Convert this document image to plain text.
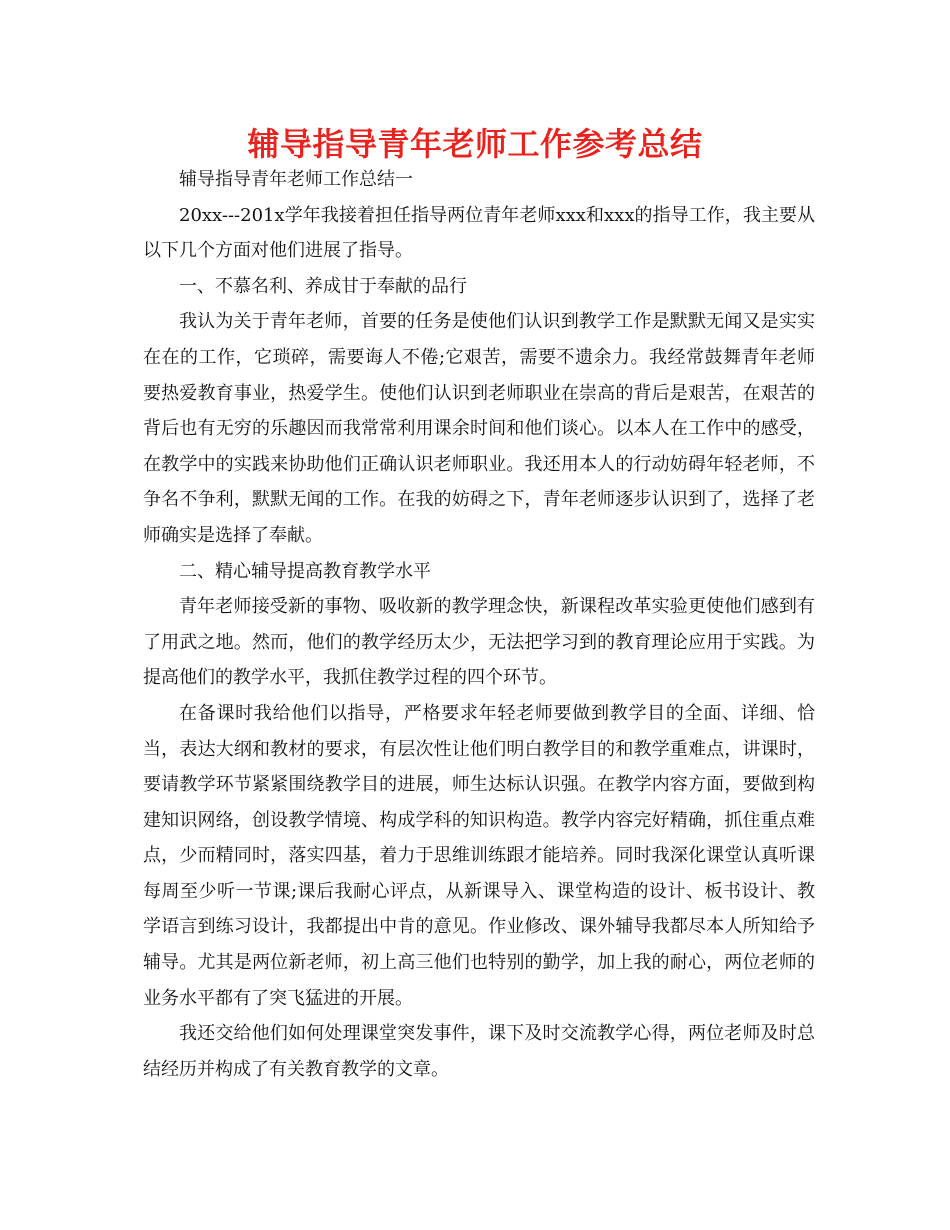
辅导指导青年老师工作参考总结

辅导指导青年老师工作总结一

20xx---201x学年我接着担任指导两位青年老师xxx和xxx的指导工作，我主要从以下几个方面对他们进展了指导。

一、不慕名利、养成甘于奉献的品行

我认为关于青年老师，首要的任务是使他们认识到教学工作是默默无闻又是实实在在的工作，它琐碎，需要诲人不倦;它艰苦，需要不遗余力。我经常鼓舞青年老师要热爱教育事业，热爱学生。使他们认识到老师职业在崇高的背后是艰苦，在艰苦的背后也有无穷的乐趣因而我常常利用课余时间和他们谈心。以本人在工作中的感受，在教学中的实践来协助他们正确认识老师职业。我还用本人的行动妨碍年轻老师，不争名不争利，默默无闻的工作。在我的妨碍之下，青年老师逐步认识到了，选择了老师确实是选择了奉献。

二、精心辅导提高教育教学水平

青年老师接受新的事物、吸收新的教学理念快，新课程改革实验更使他们感到有了用武之地。然而，他们的教学经历太少，无法把学习到的教育理论应用于实践。为提高他们的教学水平，我抓住教学过程的四个环节。

在备课时我给他们以指导，严格要求年轻老师要做到教学目的全面、详细、恰当，表达大纲和教材的要求，有层次性让他们明白教学目的和教学重难点，讲课时，要请教学环节紧紧围绕教学目的进展，师生达标认识强。在教学内容方面，要做到构建知识网络，创设教学情境、构成学科的知识构造。教学内容完好精确，抓住重点难点，少而精同时，落实四基，着力于思维训练跟才能培养。同时我深化课堂认真听课每周至少听一节课;课后我耐心评点，从新课导入、课堂构造的设计、板书设计、教学语言到练习设计，我都提出中肯的意见。作业修改、课外辅导我都尽本人所知给予辅导。尤其是两位新老师，初上高三他们也特别的勤学，加上我的耐心，两位老师的业务水平都有了突飞猛进的开展。

我还交给他们如何处理课堂突发事件，课下及时交流教学心得，两位老师及时总结经历并构成了有关教育教学的文章。
